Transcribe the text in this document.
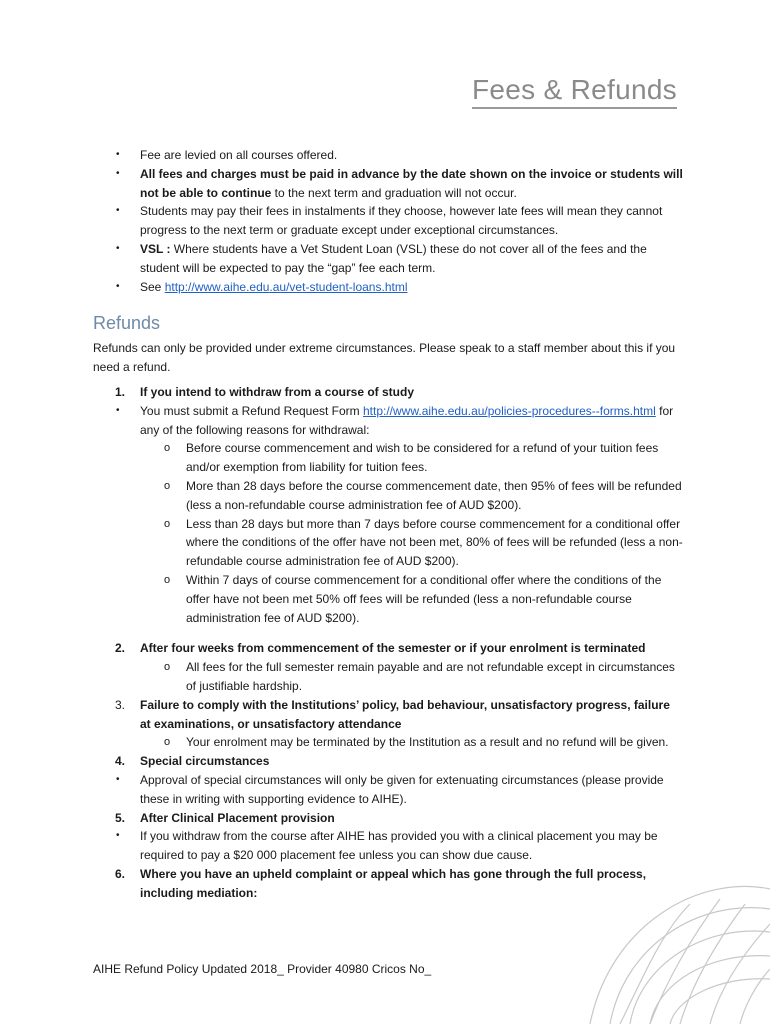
Fees & Refunds
•	Fee are levied on all courses offered.
•	All fees and charges must be paid in advance by the date shown on the invoice or students will not be able to continue to the next term and graduation will not occur.
•	Students may pay their fees in instalments if they choose, however late fees will mean they cannot progress to the next term or graduate except under exceptional circumstances.
•	VSL : Where students have a Vet Student Loan (VSL) these do not cover all of the fees and the student will be expected to pay the “gap” fee each term.
•	See http://www.aihe.edu.au/vet-student-loans.html
Refunds
Refunds can only be provided under extreme circumstances. Please speak to a staff member about this if you need a refund.
1.	If you intend to withdraw from a course of study
•	You must submit a Refund Request Form http://www.aihe.edu.au/policies-procedures--forms.html for any of the following reasons for withdrawal:
o Before course commencement and wish to be considered for a refund of your tuition fees and/or exemption from liability for tuition fees.
o More than 28 days before the course commencement date, then 95% of fees will be refunded (less a non-refundable course administration fee of AUD $200).
o Less than 28 days but more than 7 days before course commencement for a conditional offer where the conditions of the offer have not been met, 80% of fees will be refunded (less a non-refundable course administration fee of AUD $200).
o Within 7 days of course commencement for a conditional offer where the conditions of the offer have not been met 50% off fees will be refunded (less a non-refundable course administration fee of AUD $200).
2.	After four weeks from commencement of the semester or if your enrolment is terminated
o All fees for the full semester remain payable and are not refundable except in circumstances of justifiable hardship.
3.	Failure to comply with the Institutions’ policy, bad behaviour, unsatisfactory progress, failure at examinations, or unsatisfactory attendance
o Your enrolment may be terminated by the Institution as a result and no refund will be given.
4.	Special circumstances
•	Approval of special circumstances will only be given for extenuating circumstances (please provide these in writing with supporting evidence to AIHE).
5.	After Clinical Placement provision
•	If you withdraw from the course after AIHE has provided you with a clinical placement you may be required to pay a $20 000 placement fee unless you can show due cause.
6.	Where you have an upheld complaint or appeal which has gone through the full process, including mediation:
AIHE Refund Policy Updated 2018_ Provider 40980 Cricos No_
